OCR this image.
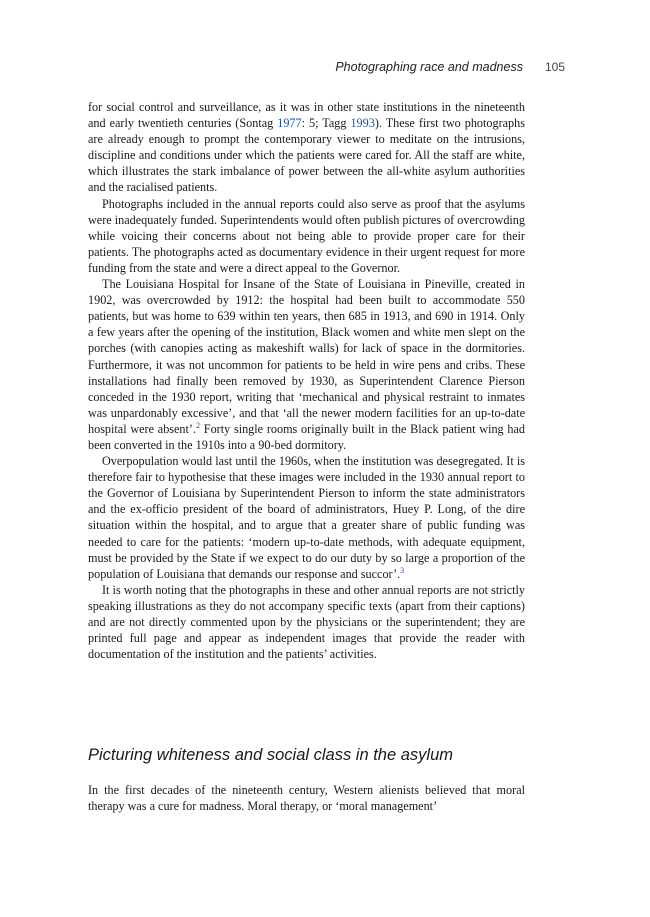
Photographing race and madness 105

for social control and surveillance, as it was in other state institutions in the nineteenth and early twentieth centuries (Sontag 1977: 5; Tagg 1993). These first two photographs are already enough to prompt the contemporary viewer to meditate on the intrusions, discipline and conditions under which the patients were cared for. All the staff are white, which illustrates the stark imbalance of power between the all-white asylum authorities and the racialised patients.

Photographs included in the annual reports could also serve as proof that the asylums were inadequately funded. Superintendents would often publish pictures of overcrowding while voicing their concerns about not being able to provide proper care for their patients. The photographs acted as documentary evidence in their urgent request for more funding from the state and were a direct appeal to the Governor.

The Louisiana Hospital for Insane of the State of Louisiana in Pineville, created in 1902, was overcrowded by 1912: the hospital had been built to accommodate 550 patients, but was home to 639 within ten years, then 685 in 1913, and 690 in 1914. Only a few years after the opening of the institution, Black women and white men slept on the porches (with canopies acting as makeshift walls) for lack of space in the dormitories. Furthermore, it was not uncommon for patients to be held in wire pens and cribs. These installations had finally been removed by 1930, as Superintendent Clarence Pierson conceded in the 1930 report, writing that ‘mechanical and physical restraint to inmates was unpardonably excessive’, and that ‘all the newer modern facilities for an up-to-date hospital were absent’.$^2$ Forty single rooms originally built in the Black patient wing had been converted in the 1910s into a 90-bed dormitory.

Overpopulation would last until the 1960s, when the institution was desegregated. It is therefore fair to hypothesise that these images were included in the 1930 annual report to the Governor of Louisiana by Superintendent Pierson to inform the state administrators and the ex-officio president of the board of administrators, Huey P. Long, of the dire situation within the hospital, and to argue that a greater share of public funding was needed to care for the patients: ‘modern up-to-date methods, with adequate equipment, must be provided by the State if we expect to do our duty by so large a proportion of the population of Louisiana that demands our response and succor’.$^3$

It is worth noting that the photographs in these and other annual reports are not strictly speaking illustrations as they do not accompany specific texts (apart from their captions) and are not directly commented upon by the physicians or the superintendent; they are printed full page and appear as independent images that provide the reader with documentation of the institution and the patients’ activities.

Picturing whiteness and social class in the asylum

In the first decades of the nineteenth century, Western alienists believed that moral therapy was a cure for madness. Moral therapy, or ‘moral management’
